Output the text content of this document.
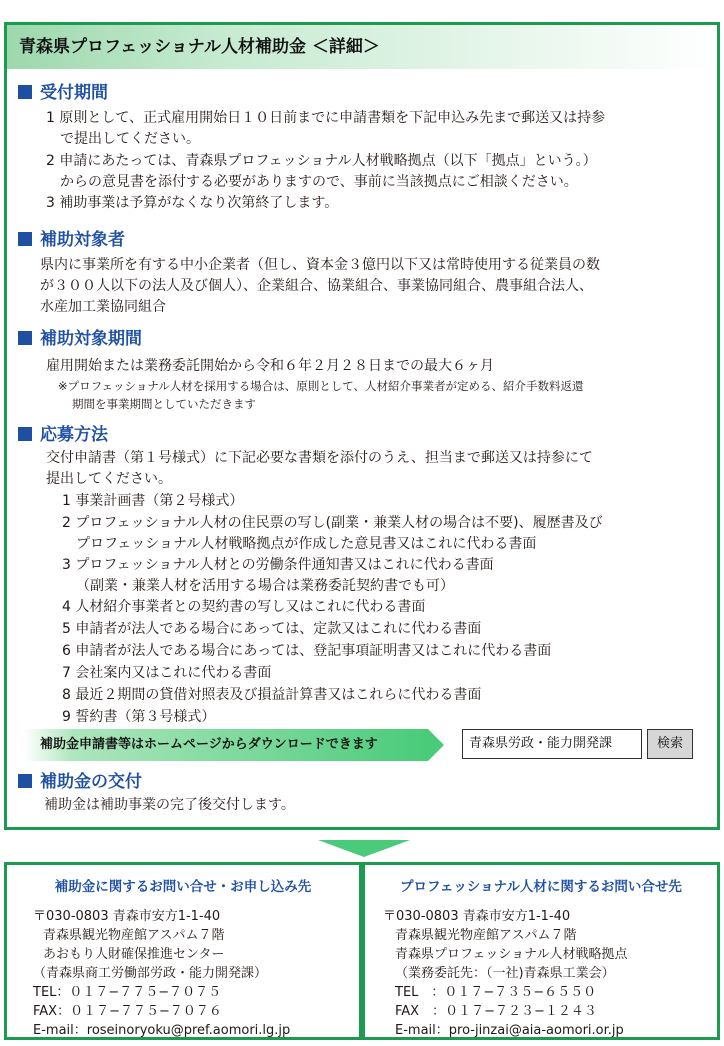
青森県プロフェッショナル人材補助金 ＜詳細＞
受付期間
1 原則として、正式雇用開始日１０日前までに申請書類を下記申込み先まで郵送又は持参
で提出してください。
2 申請にあたっては、青森県プロフェッショナル人材戦略拠点（以下「拠点」という。）
からの意見書を添付する必要がありますので、事前に当該拠点にご相談ください。
3 補助事業は予算がなくなり次第終了します。
補助対象者
県内に事業所を有する中小企業者（但し、資本金３億円以下又は常時使用する従業員の数
が３００人以下の法人及び個人）、企業組合、協業組合、事業協同組合、農事組合法人、
水産加工業協同組合
補助対象期間
雇用開始または業務委託開始から令和６年２月２８日までの最大６ヶ月
※プロフェッショナル人材を採用する場合は、原則として、人材紹介事業者が定める、紹介手数料返還
期間を事業期間としていただきます
応募方法
交付申請書（第１号様式）に下記必要な書類を添付のうえ、担当まで郵送又は持参にて
提出してください。
1 事業計画書（第２号様式）
2 プロフェッショナル人材の住民票の写し(副業・兼業人材の場合は不要)、履歴書及び
プロフェッショナル人材戦略拠点が作成した意見書又はこれに代わる書面
3 プロフェッショナル人材との労働条件通知書又はこれに代わる書面
（副業・兼業人材を活用する場合は業務委託契約書でも可）
4 人材紹介事業者との契約書の写し又はこれに代わる書面
5 申請者が法人である場合にあっては、定款又はこれに代わる書面
6 申請者が法人である場合にあっては、登記事項証明書又はこれに代わる書面
7 会社案内又はこれに代わる書面
8 最近２期間の貸借対照表及び損益計算書又はこれらに代わる書面
9 誓約書（第３号様式）
補助金申請書等はホームページからダウンロードできます	青森県労政・能力開発課	検索
補助金の交付
補助金は補助事業の完了後交付します。
補助金に関するお問い合せ・お申し込み先
〒030-0803 青森市安方1-1-40
青森県観光物産館アスパム７階
あおもり人財確保推進センター
（青森県商工労働部労政・能力開発課）
TEL：０１７−７７５−７０７５
FAX：０１７−７７５−７０７６
E-mail：roseinoryoku@pref.aomori.lg.jp
プロフェッショナル人材に関するお問い合せ先
〒030-0803 青森市安方1-1-40
青森県観光物産館アスパム７階
青森県プロフェッショナル人材戦略拠点
（業務委託先：（一社)青森県工業会）
TEL　：０１７−７３５−６５５０
FAX　：０１７−７２３−１２４３
E-mail：pro-jinzai@aia-aomori.or.jp
